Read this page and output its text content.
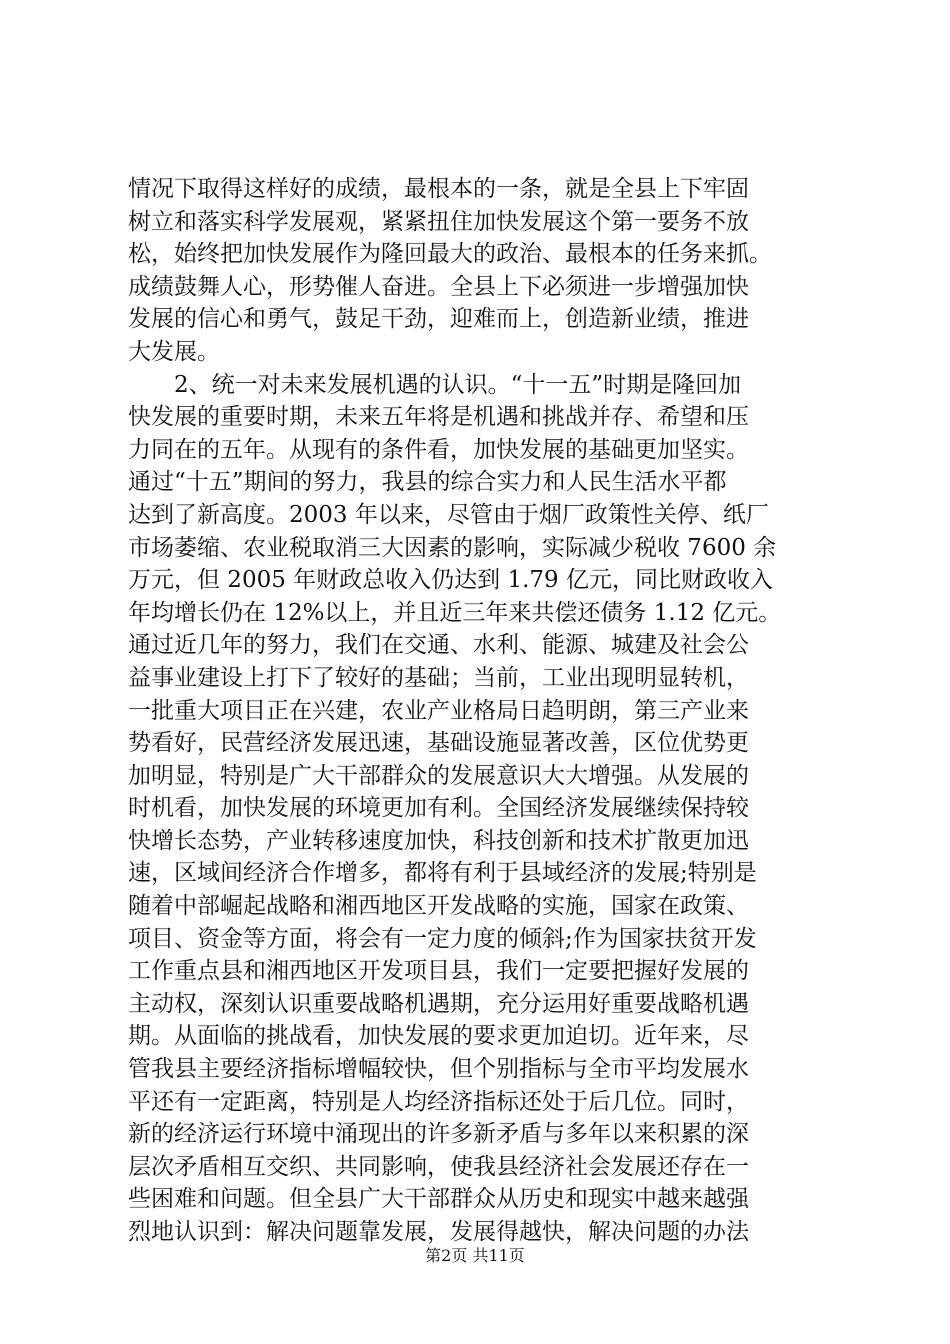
情况下取得这样好的成绩，最根本的一条，就是全县上下牢固
树立和落实科学发展观，紧紧扭住加快发展这个第一要务不放
松，始终把加快发展作为隆回最大的政治、最根本的任务来抓。
成绩鼓舞人心，形势催人奋进。全县上下必须进一步增强加快
发展的信心和勇气，鼓足干劲，迎难而上，创造新业绩，推进
大发展。
　　2、统一对未来发展机遇的认识。“十一五”时期是隆回加
快发展的重要时期，未来五年将是机遇和挑战并存、希望和压
力同在的五年。从现有的条件看，加快发展的基础更加坚实。
通过“十五”期间的努力，我县的综合实力和人民生活水平都
达到了新高度。2003 年以来，尽管由于烟厂政策性关停、纸厂
市场萎缩、农业税取消三大因素的影响，实际减少税收 7600 余
万元，但 2005 年财政总收入仍达到 1.79 亿元，同比财政收入
年均增长仍在 12%以上，并且近三年来共偿还债务 1.12 亿元。
通过近几年的努力，我们在交通、水利、能源、城建及社会公
益事业建设上打下了较好的基础；当前，工业出现明显转机，
一批重大项目正在兴建，农业产业格局日趋明朗，第三产业来
势看好，民营经济发展迅速，基础设施显著改善，区位优势更
加明显，特别是广大干部群众的发展意识大大增强。从发展的
时机看，加快发展的环境更加有利。全国经济发展继续保持较
快增长态势，产业转移速度加快，科技创新和技术扩散更加迅
速，区域间经济合作增多，都将有利于县域经济的发展;特别是
随着中部崛起战略和湘西地区开发战略的实施，国家在政策、
项目、资金等方面，将会有一定力度的倾斜;作为国家扶贫开发
工作重点县和湘西地区开发项目县，我们一定要把握好发展的
主动权，深刻认识重要战略机遇期，充分运用好重要战略机遇
期。从面临的挑战看，加快发展的要求更加迫切。近年来，尽
管我县主要经济指标增幅较快，但个别指标与全市平均发展水
平还有一定距离，特别是人均经济指标还处于后几位。同时，
新的经济运行环境中涌现出的许多新矛盾与多年以来积累的深
层次矛盾相互交织、共同影响，使我县经济社会发展还存在一
些困难和问题。但全县广大干部群众从历史和现实中越来越强
烈地认识到：解决问题靠发展，发展得越快，解决问题的办法
第2页 共11页
